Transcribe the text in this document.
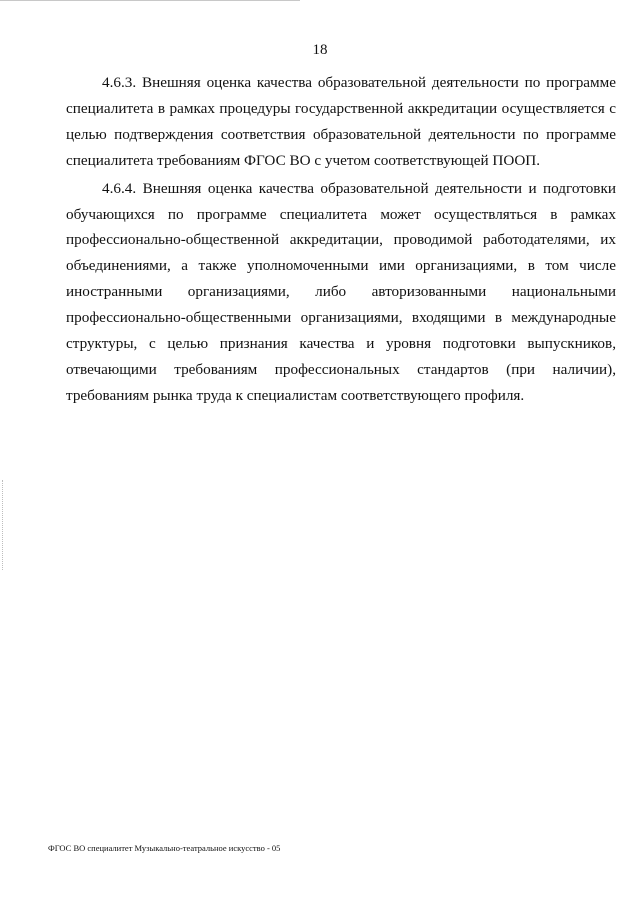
18

4.6.3. Внешняя оценка качества образовательной деятельности по программе специалитета в рамках процедуры государственной аккредитации осуществляется с целью подтверждения соответствия образовательной деятельности по программе специалитета требованиям ФГОС ВО с учетом соответствующей ПООП.

4.6.4. Внешняя оценка качества образовательной деятельности и подготовки обучающихся по программе специалитета может осуществляться в рамках профессионально-общественной аккредитации, проводимой работодателями, их объединениями, а также уполномоченными ими организациями, в том числе иностранными организациями, либо авторизованными национальными профессионально-общественными организациями, входящими в международные структуры, с целью признания качества и уровня подготовки выпускников, отвечающими требованиям профессиональных стандартов (при наличии), требованиям рынка труда к специалистам соответствующего профиля.

ФГОС ВО специалитет Музыкально-театральное искусство - 05
